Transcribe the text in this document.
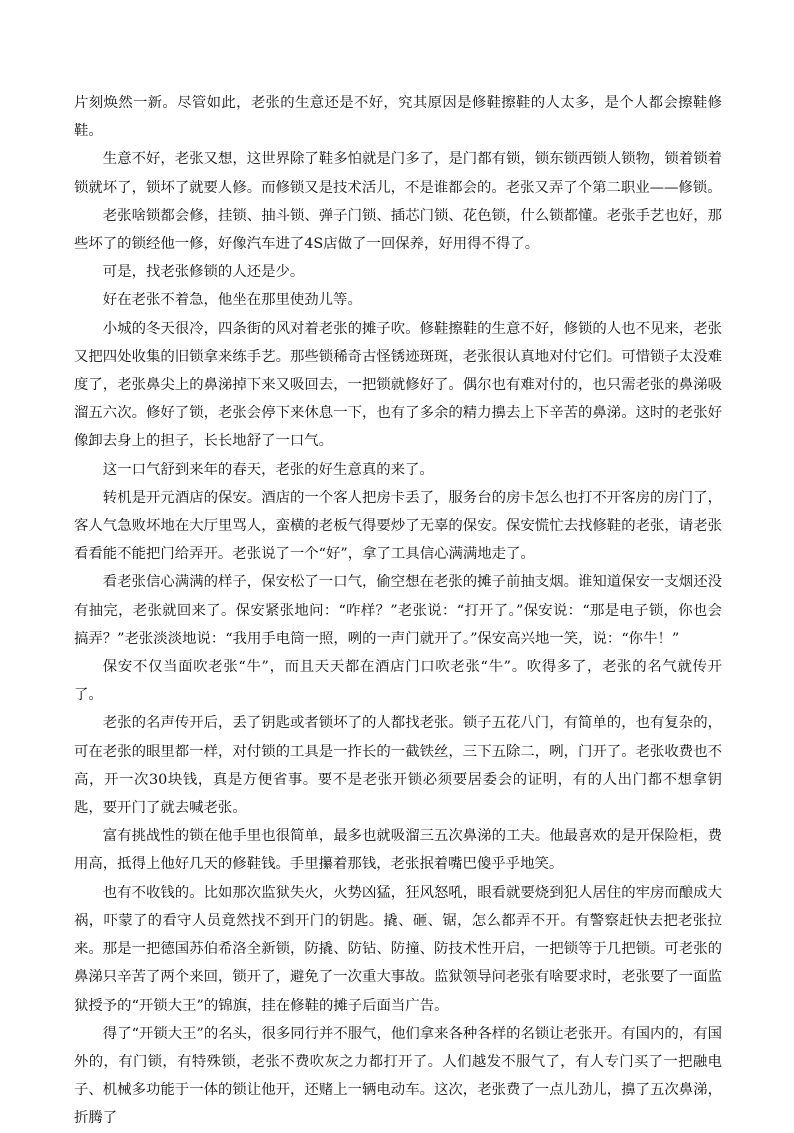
片刻焕然一新。尽管如此，老张的生意还是不好，究其原因是修鞋擦鞋的人太多，是个人都会擦鞋修鞋。

生意不好，老张又想，这世界除了鞋多怕就是门多了，是门都有锁，锁东锁西锁人锁物，锁着锁着锁就坏了，锁坏了就要人修。而修锁又是技术活儿，不是谁都会的。老张又弄了个第二职业——修锁。

老张啥锁都会修，挂锁、抽斗锁、弹子门锁、插芯门锁、花色锁，什么锁都懂。老张手艺也好，那些坏了的锁经他一修，好像汽车进了4S店做了一回保养，好用得不得了。

可是，找老张修锁的人还是少。

好在老张不着急，他坐在那里使劲儿等。

小城的冬天很冷，四条街的风对着老张的摊子吹。修鞋擦鞋的生意不好，修锁的人也不见来，老张又把四处收集的旧锁拿来练手艺。那些锁稀奇古怪锈迹斑斑，老张很认真地对付它们。可惜锁子太没难度了，老张鼻尖上的鼻涕掉下来又吸回去，一把锁就修好了。偶尔也有难对付的，也只需老张的鼻涕吸溜五六次。修好了锁，老张会停下来休息一下，也有了多余的精力擤去上下辛苦的鼻涕。这时的老张好像卸去身上的担子，长长地舒了一口气。

这一口气舒到来年的春天，老张的好生意真的来了。

转机是开元酒店的保安。酒店的一个客人把房卡丢了，服务台的房卡怎么也打不开客房的房门了，客人气急败坏地在大厅里骂人，蛮横的老板气得要炒了无辜的保安。保安慌忙去找修鞋的老张，请老张看看能不能把门给弄开。老张说了一个“好”，拿了工具信心满满地走了。

看老张信心满满的样子，保安松了一口气，偷空想在老张的摊子前抽支烟。谁知道保安一支烟还没有抽完，老张就回来了。保安紧张地问：“咋样？”老张说：“打开了。”保安说：“那是电子锁，你也会搞弄？”老张淡淡地说：“我用手电筒一照，咧的一声门就开了。”保安高兴地一笑，说：“你牛！”

保安不仅当面吹老张“牛”，而且天天都在酒店门口吹老张“牛”。吹得多了，老张的名气就传开了。

老张的名声传开后，丢了钥匙或者锁坏了的人都找老张。锁子五花八门，有简单的，也有复杂的，可在老张的眼里都一样，对付锁的工具是一拃长的一截铁丝，三下五除二，咧，门开了。老张收费也不高，开一次30块钱，真是方便省事。要不是老张开锁必须要居委会的证明，有的人出门都不想拿钥匙，要开门了就去喊老张。

富有挑战性的锁在他手里也很简单，最多也就吸溜三五次鼻涕的工夫。他最喜欢的是开保险柜，费用高，抵得上他好几天的修鞋钱。手里攥着那钱，老张抿着嘴巴傻乎乎地笑。

也有不收钱的。比如那次监狱失火，火势凶猛，狂风怒吼，眼看就要烧到犯人居住的牢房而酿成大祸，吓蒙了的看守人员竟然找不到开门的钥匙。撬、砸、锯，怎么都弄不开。有警察赶快去把老张拉来。那是一把德国苏伯希洛全新锁，防撬、防钻、防撞、防技术性开启，一把锁等于几把锁。可老张的鼻涕只辛苦了两个来回，锁开了，避免了一次重大事故。监狱领导问老张有啥要求时，老张要了一面监狱授予的“开锁大王”的锦旗，挂在修鞋的摊子后面当广告。

得了“开锁大王”的名头，很多同行并不服气，他们拿来各种各样的名锁让老张开。有国内的，有国外的，有门锁，有特殊锁，老张不费吹灰之力都打开了。人们越发不服气了，有人专门买了一把融电子、机械多功能于一体的锁让他开，还赌上一辆电动车。这次，老张费了一点儿劲儿，擤了五次鼻涕，折腾了
